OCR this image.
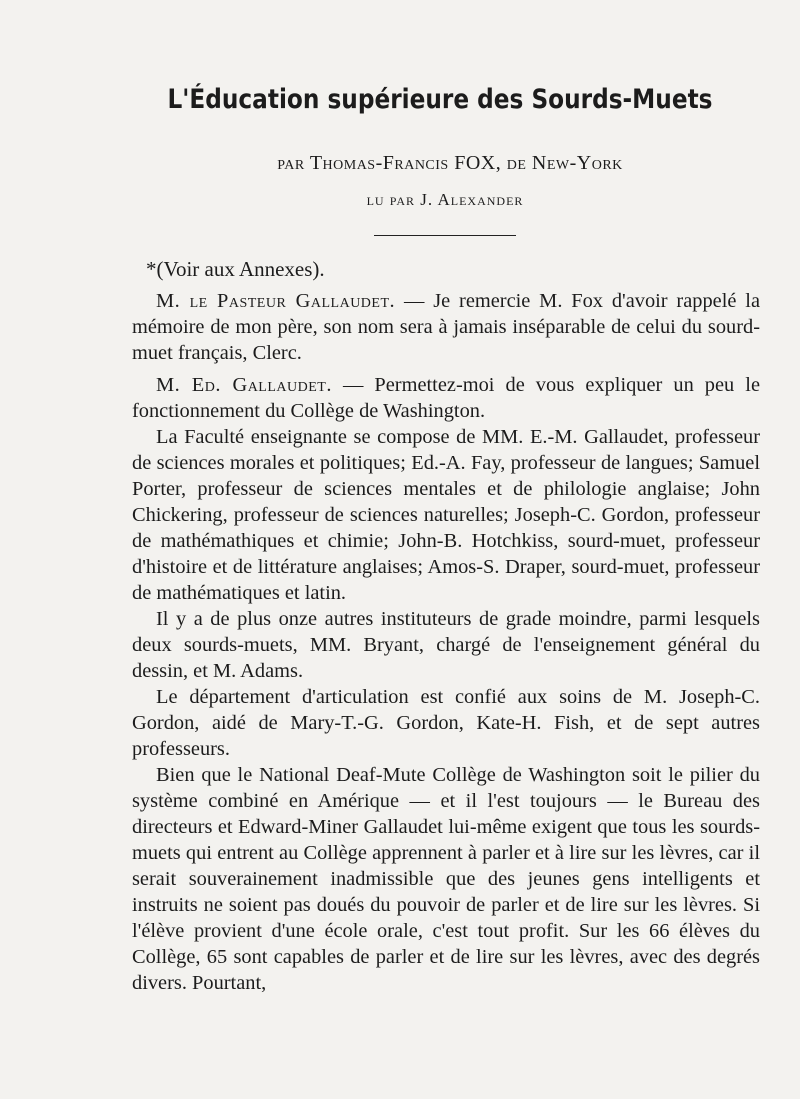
L'Éducation supérieure des Sourds-Muets
par Thomas-Francis FOX, de New-York
lu par J. Alexander

*(Voir aux Annexes).

M. le Pasteur Gallaudet. — Je remercie M. Fox d'avoir rappelé la mémoire de mon père, son nom sera à jamais inséparable de celui du sourd-muet français, Clerc.

M. Ed. Gallaudet. — Permettez-moi de vous expliquer un peu le fonctionnement du Collège de Washington.

La Faculté enseignante se compose de MM. E.-M. Gallaudet, professeur de sciences morales et politiques; Ed.-A. Fay, professeur de langues; Samuel Porter, professeur de sciences mentales et de philologie anglaise; John Chickering, professeur de sciences naturelles; Joseph-C. Gordon, professeur de mathémathiques et chimie; John-B. Hotchkiss, sourd-muet, professeur d'histoire et de littérature anglaises; Amos-S. Draper, sourd-muet, professeur de mathématiques et latin.

Il y a de plus onze autres instituteurs de grade moindre, parmi lesquels deux sourds-muets, MM. Bryant, chargé de l'enseignement général du dessin, et M. Adams.

Le département d'articulation est confié aux soins de M. Joseph-C. Gordon, aidé de Mary-T.-G. Gordon, Kate-H. Fish, et de sept autres professeurs.

Bien que le National Deaf-Mute Collège de Washington soit le pilier du système combiné en Amérique — et il l'est toujours — le Bureau des directeurs et Edward-Miner Gallaudet lui-même exigent que tous les sourds-muets qui entrent au Collège apprennent à parler et à lire sur les lèvres, car il serait souverainement inadmissible que des jeunes gens intelligents et instruits ne soient pas doués du pouvoir de parler et de lire sur les lèvres. Si l'élève provient d'une école orale, c'est tout profit. Sur les 66 élèves du Collège, 65 sont capables de parler et de lire sur les lèvres, avec des degrés divers. Pourtant,
